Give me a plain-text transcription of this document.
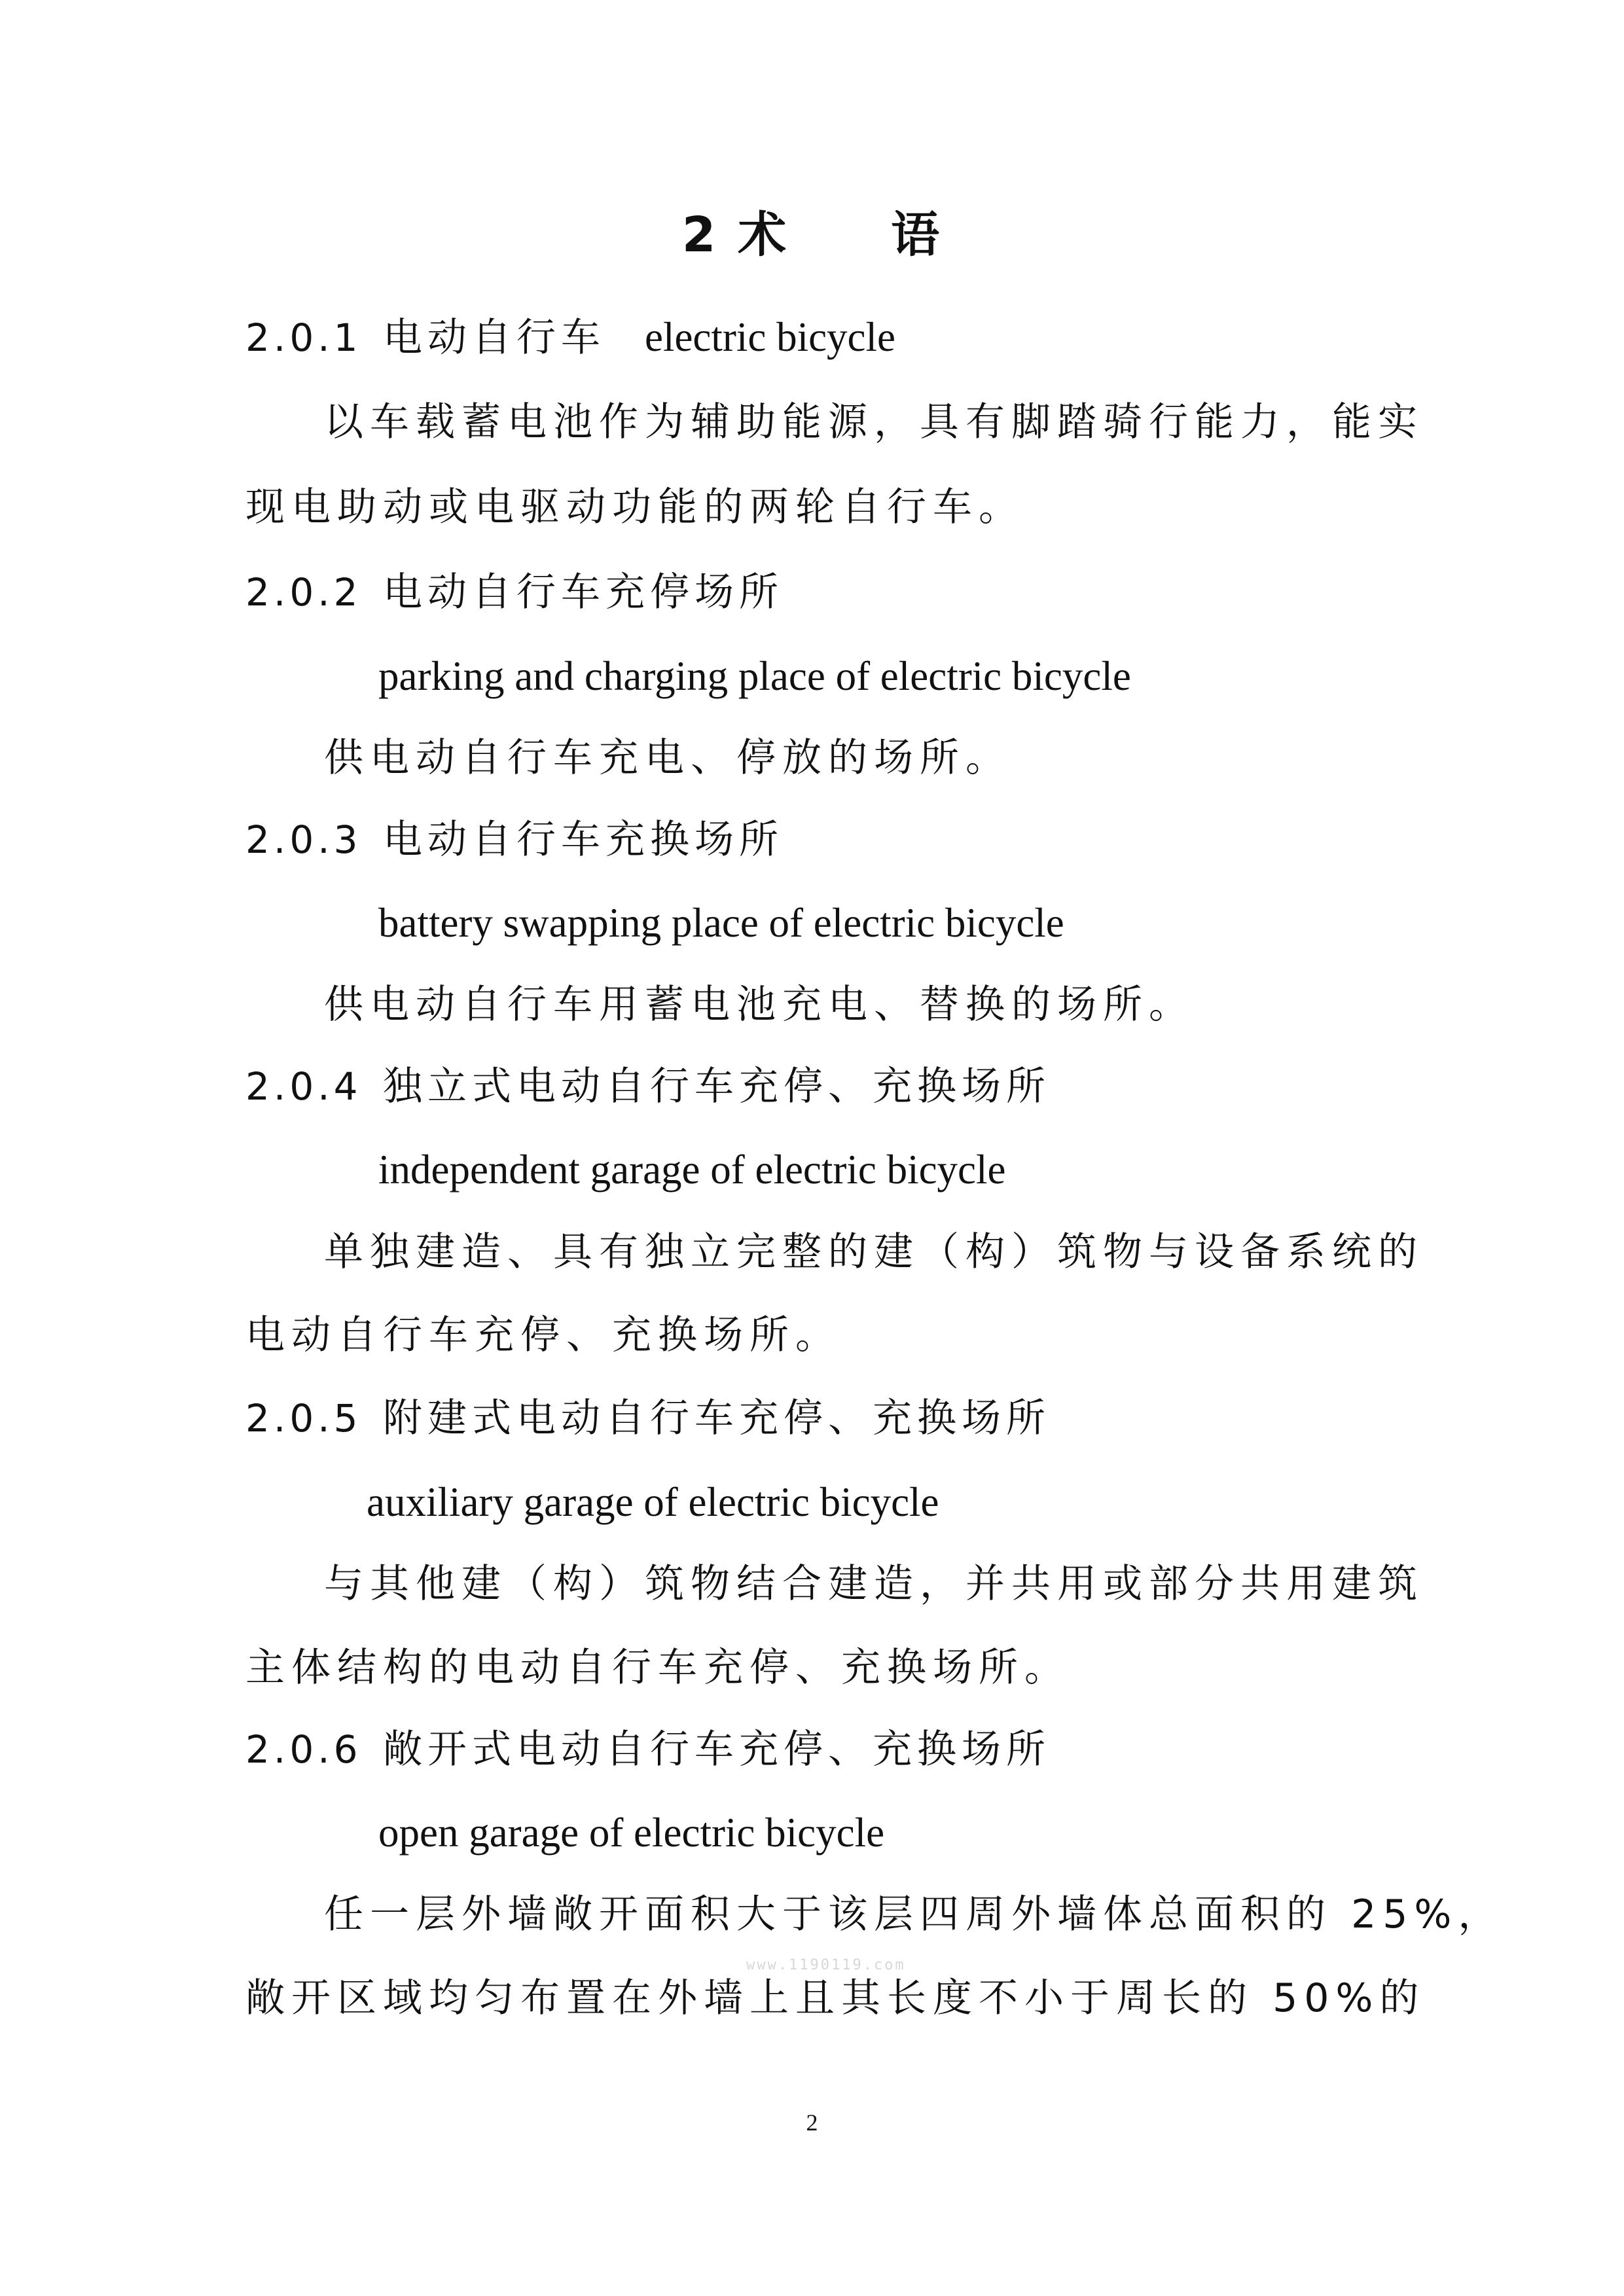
2 术　　语
2.0.1 电动自行车 electric bicycle
以车载蓄电池作为辅助能源，具有脚踏骑行能力，能实
现电助动或电驱动功能的两轮自行车。
2.0.2 电动自行车充停场所
parking and charging place of electric bicycle
供电动自行车充电、停放的场所。
2.0.3 电动自行车充换场所
battery swapping place of electric bicycle
供电动自行车用蓄电池充电、替换的场所。
2.0.4 独立式电动自行车充停、充换场所
independent garage of electric bicycle
单独建造、具有独立完整的建（构）筑物与设备系统的
电动自行车充停、充换场所。
2.0.5 附建式电动自行车充停、充换场所
auxiliary garage of electric bicycle
与其他建（构）筑物结合建造，并共用或部分共用建筑
主体结构的电动自行车充停、充换场所。
2.0.6 敞开式电动自行车充停、充换场所
open garage of electric bicycle
任一层外墙敞开面积大于该层四周外墙体总面积的 25%，
敞开区域均匀布置在外墙上且其长度不小于周长的 50%的
www.1190119.com
2
